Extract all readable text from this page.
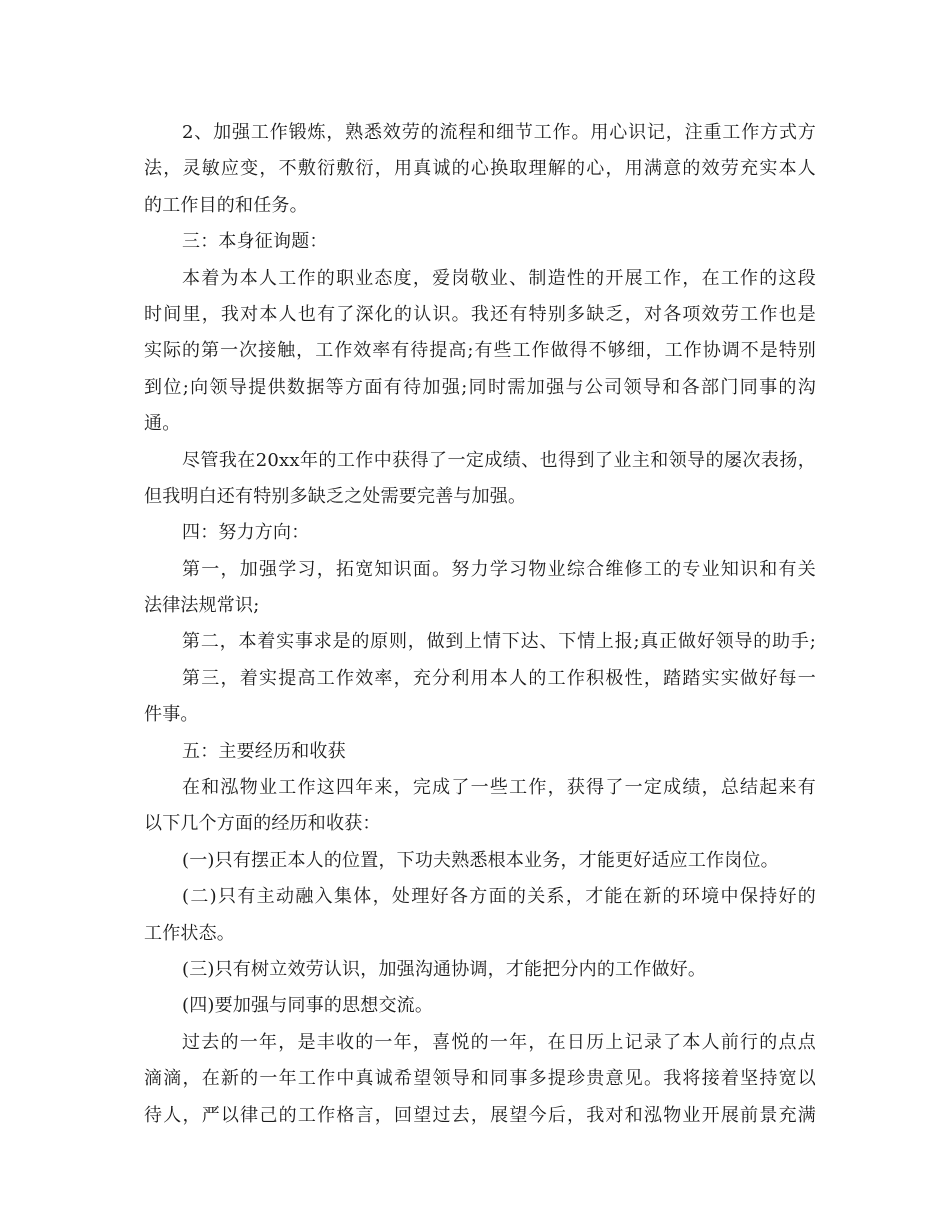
2、加强工作锻炼，熟悉效劳的流程和细节工作。用心识记，注重工作方式方
法，灵敏应变，不敷衍敷衍，用真诚的心换取理解的心，用满意的效劳充实本人
的工作目的和任务。
三：本身征询题：
本着为本人工作的职业态度，爱岗敬业、制造性的开展工作，在工作的这段
时间里，我对本人也有了深化的认识。我还有特别多缺乏，对各项效劳工作也是
实际的第一次接触，工作效率有待提高;有些工作做得不够细，工作协调不是特别
到位;向领导提供数据等方面有待加强;同时需加强与公司领导和各部门同事的沟
通。
尽管我在20xx年的工作中获得了一定成绩、也得到了业主和领导的屡次表扬，
但我明白还有特别多缺乏之处需要完善与加强。
四：努力方向：
第一，加强学习，拓宽知识面。努力学习物业综合维修工的专业知识和有关
法律法规常识;
第二，本着实事求是的原则，做到上情下达、下情上报;真正做好领导的助手;
第三，着实提高工作效率，充分利用本人的工作积极性，踏踏实实做好每一
件事。
五：主要经历和收获
在和泓物业工作这四年来，完成了一些工作，获得了一定成绩，总结起来有
以下几个方面的经历和收获：
(一)只有摆正本人的位置，下功夫熟悉根本业务，才能更好适应工作岗位。
(二)只有主动融入集体，处理好各方面的关系，才能在新的环境中保持好的
工作状态。
(三)只有树立效劳认识，加强沟通协调，才能把分内的工作做好。
(四)要加强与同事的思想交流。
过去的一年，是丰收的一年，喜悦的一年，在日历上记录了本人前行的点点
滴滴，在新的一年工作中真诚希望领导和同事多提珍贵意见。我将接着坚持宽以
待人，严以律己的工作格言，回望过去，展望今后，我对和泓物业开展前景充满
